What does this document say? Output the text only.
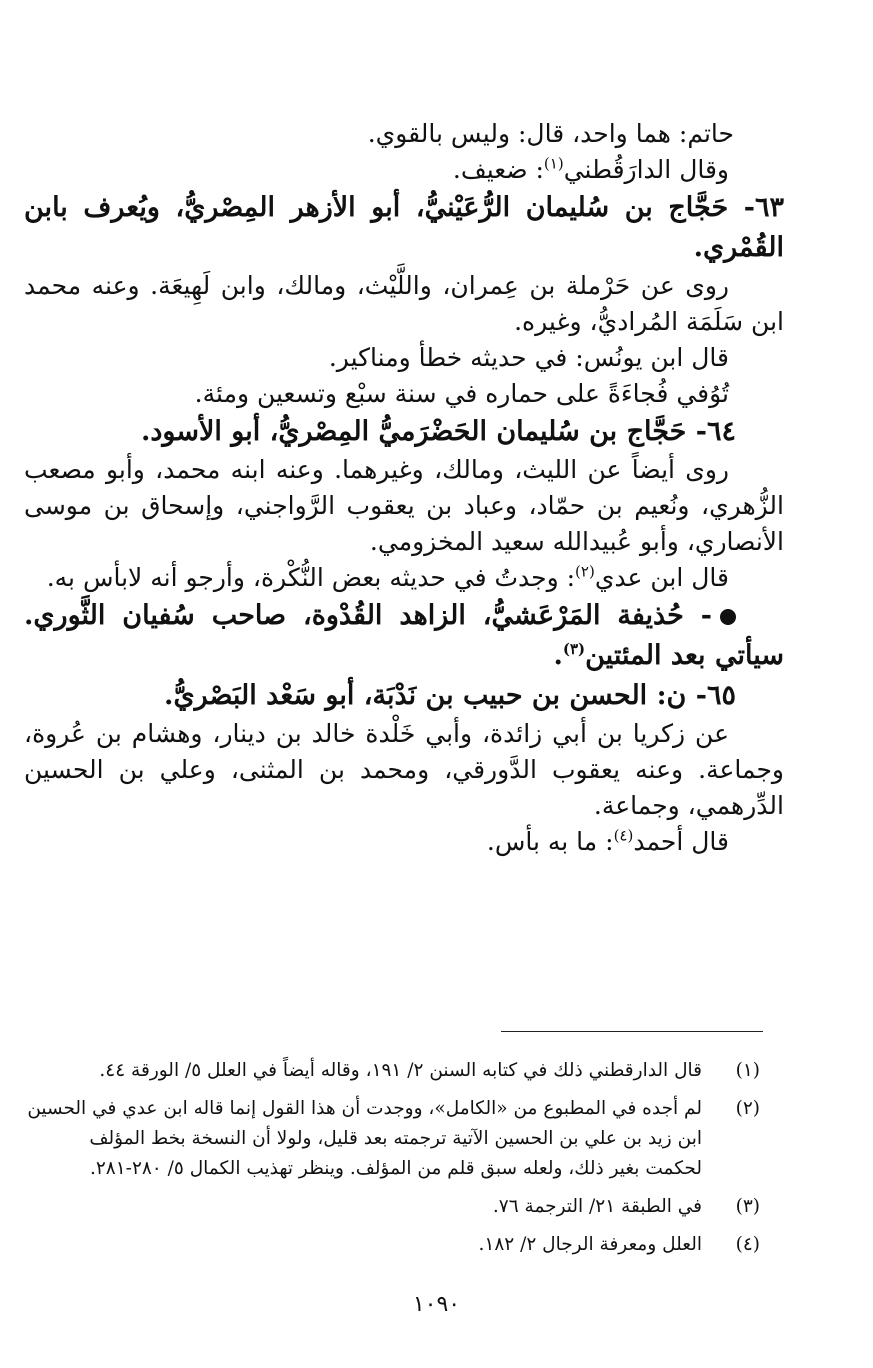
حاتم: هما واحد، قال: وليس بالقوي.
وقال الدارَقُطني$^{(١)}$: ضعيف.
٦٣- حَجَّاج بن سُليمان الرُّعَيْنيُّ، أبو الأزهر المِصْريُّ، ويُعرف بابن
القُمْري.
روى عن حَرْملة بن عِمران، واللَّيْث، ومالك، وابن لَهِيعَة. وعنه محمد
ابن سَلَمَة المُراديُّ، وغيره.
قال ابن يونُس: في حديثه خطأ ومناكير.
تُوُفي فُجاءَةً على حماره في سنة سبْع وتسعين ومئة.
٦٤- حَجَّاج بن سُليمان الحَضْرَميُّ المِصْريُّ، أبو الأسود.
روى أيضاً عن الليث، ومالك، وغيرهما. وعنه ابنه محمد، وأبو مصعب
الزُّهري، ونُعيم بن حمّاد، وعباد بن يعقوب الرَّواجني، وإسحاق بن موسى
الأنصاري، وأبو عُبيدالله سعيد المخزومي.
قال ابن عدي$^{(٢)}$: وجدتُ في حديثه بعض النُّكْرة، وأرجو أنه لابأس به.
- حُذيفة المَرْعَشيُّ، الزاهد القُدْوة، صاحب سُفيان الثَّوري.
سيأتي بعد المئتين$^{(٣)}$.
٦٥- ن: الحسن بن حبيب بن نَدْبَة، أبو سَعْد البَصْريُّ.
عن زكريا بن أبي زائدة، وأبي خَلْدة خالد بن دينار، وهشام بن عُروة،
وجماعة. وعنه يعقوب الدَّورقي، ومحمد بن المثنى، وعلي بن الحسين
الدِّرهمي، وجماعة.
قال أحمد$^{(٤)}$: ما به بأس.
(١)
قال الدارقطني ذلك في كتابه السنن ٢/ ١٩١، وقاله أيضاً في العلل ٥/ الورقة ٤٤.
(٢)
لم أجده في المطبوع من «الكامل»، ووجدت أن هذا القول إنما قاله ابن عدي في الحسين
ابن زيد بن علي بن الحسين الآتية ترجمته بعد قليل، ولولا أن النسخة بخط المؤلف
لحكمت بغير ذلك، ولعله سبق قلم من المؤلف. وينظر تهذيب الكمال ٥/ ٢٨٠-٢٨١.
(٣)
في الطبقة ٢١/ الترجمة ٧٦.
(٤)
العلل ومعرفة الرجال ٢/ ١٨٢.
١٠٩٠
